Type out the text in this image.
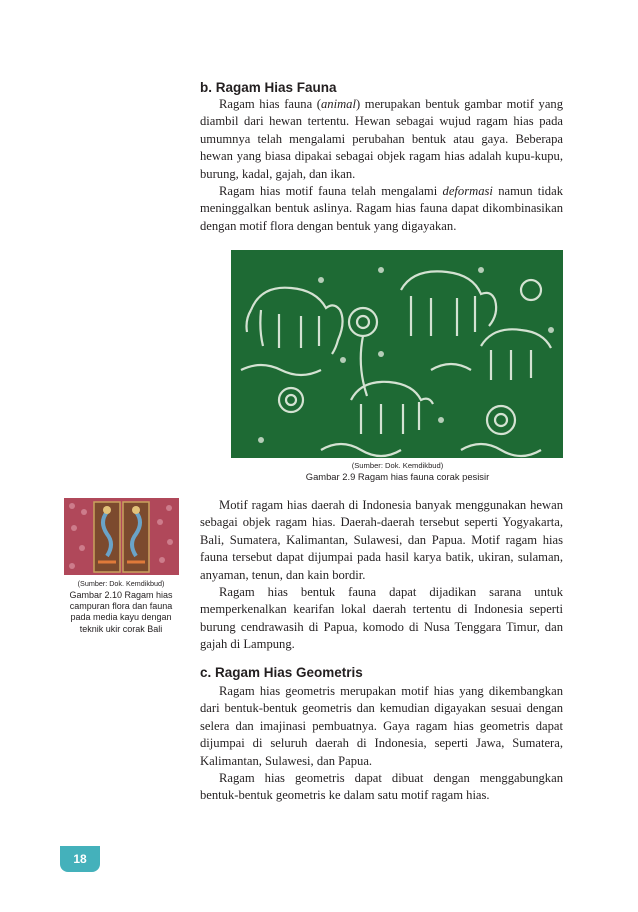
b. Ragam Hias Fauna

Ragam hias fauna (animal) merupakan bentuk gambar motif yang diambil dari hewan tertentu. Hewan sebagai wujud ragam hias pada umumnya telah mengalami perubahan bentuk atau gaya. Beberapa hewan yang biasa dipakai sebagai objek ragam hias adalah kupu-kupu, burung, kadal, gajah, dan ikan.

Ragam hias motif fauna telah mengalami deformasi namun tidak meninggalkan bentuk aslinya. Ragam hias fauna dapat dikombinasikan dengan motif flora dengan bentuk yang digayakan.

(Sumber: Dok. Kemdikbud)
Gambar 2.9 Ragam hias fauna corak pesisir
(Sumber: Dok. Kemdikbud)
Gambar 2.10 Ragam hias campuran flora dan fauna pada media kayu dengan teknik ukir corak Bali

Motif ragam hias daerah di Indonesia banyak menggunakan hewan sebagai objek ragam hias. Daerah-daerah tersebut seperti Yogyakarta, Bali, Sumatera, Kalimantan, Sulawesi, dan Papua. Motif ragam hias fauna tersebut dapat dijumpai pada hasil karya batik, ukiran, sulaman, anyaman, tenun, dan kain bordir.

Ragam hias bentuk fauna dapat dijadikan sarana untuk memperkenalkan kearifan lokal daerah tertentu di Indonesia seperti burung cendrawasih di Papua, komodo di Nusa Tenggara Timur, dan gajah di Lampung.

c. Ragam Hias Geometris

Ragam hias geometris merupakan motif hias yang dikembangkan dari bentuk-bentuk geometris dan kemudian digayakan sesuai dengan selera dan imajinasi pembuatnya. Gaya ragam hias geometris dapat dijumpai di seluruh daerah di Indonesia, seperti Jawa, Sumatera, Kalimantan, Sulawesi, dan Papua.

Ragam hias geometris dapat dibuat dengan menggabungkan bentuk-bentuk geometris ke dalam satu motif ragam hias.

18	Buku Guru Kelas VII SMP/MTs
